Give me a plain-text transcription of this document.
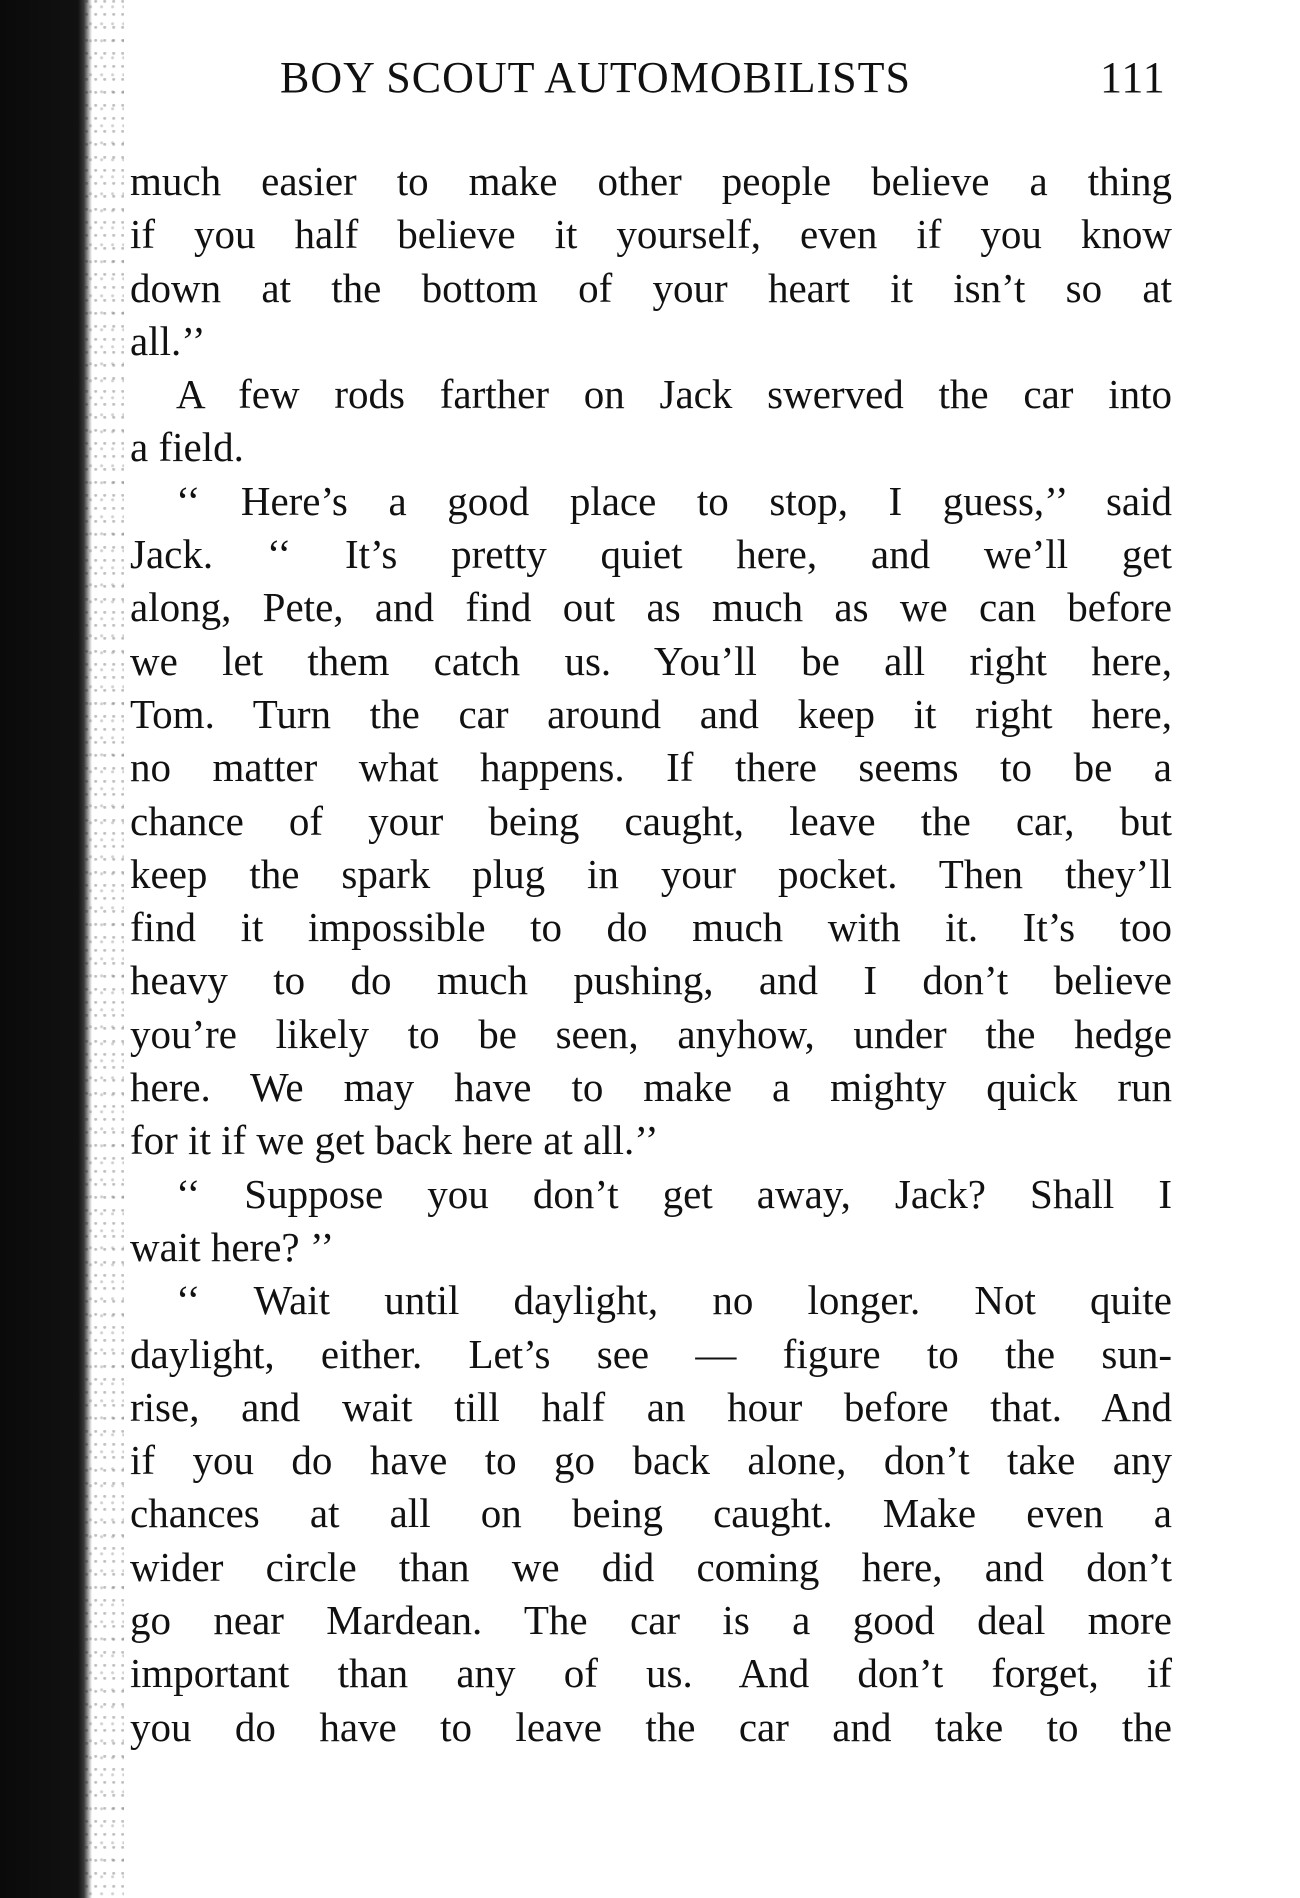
BOY SCOUT AUTOMOBILISTS	111
much easier to make other people believe a thing
if you half believe it yourself, even if you know
down at the bottom of your heart it isn’t so at
all.’’
A few rods farther on Jack swerved the car into
a field.
‘‘ Here’s a good place to stop, I guess,’’ said
Jack. ‘‘ It’s pretty quiet here, and we’ll get
along, Pete, and find out as much as we can before
we let them catch us. You’ll be all right here,
Tom. Turn the car around and keep it right here,
no matter what happens. If there seems to be a
chance of your being caught, leave the car, but
keep the spark plug in your pocket. Then they’ll
find it impossible to do much with it. It’s too
heavy to do much pushing, and I don’t believe
you’re likely to be seen, anyhow, under the hedge
here. We may have to make a mighty quick run
for it if we get back here at all.’’
‘‘ Suppose you don’t get away, Jack? Shall I
wait here? ’’
‘‘ Wait until daylight, no longer. Not quite
daylight, either. Let’s see — figure to the sun-
rise, and wait till half an hour before that. And
if you do have to go back alone, don’t take any
chances at all on being caught. Make even a
wider circle than we did coming here, and don’t
go near Mardean. The car is a good deal more
important than any of us. And don’t forget, if
you do have to leave the car and take to the
